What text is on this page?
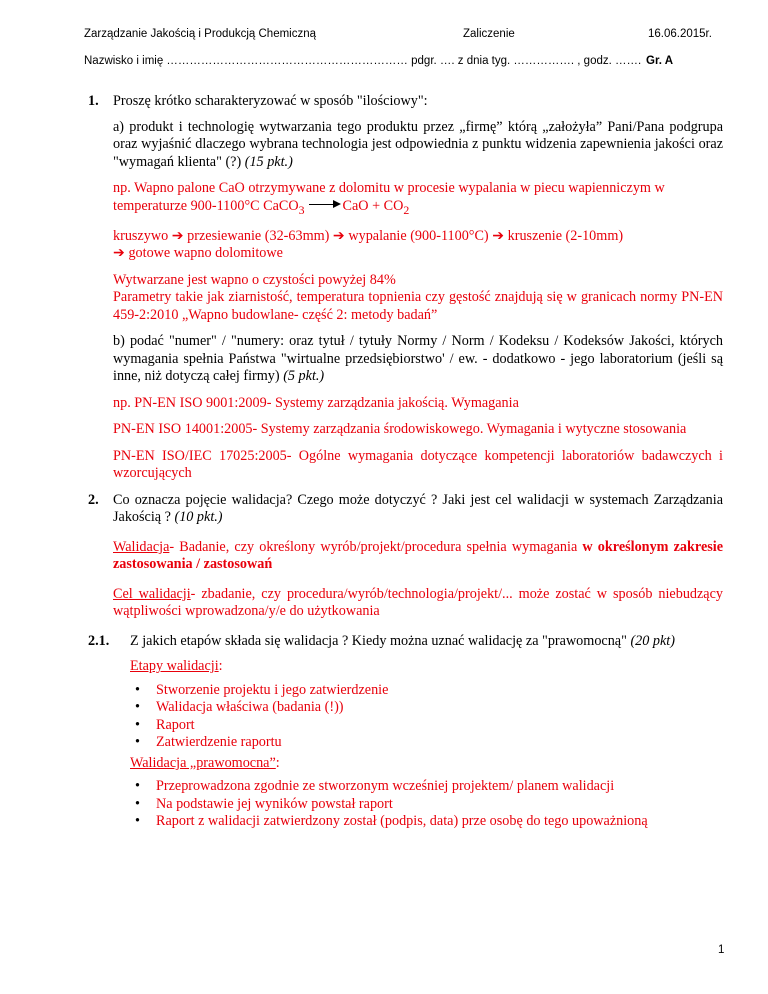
Zarządzanie Jakością i Produkcją Chemiczną	Zaliczenie	16.06.2015r.
Nazwisko i imię ……………………………………………………… pdgr. …. z dnia tyg. ……………. , godz. ……. Gr. A
1. Proszę krótko scharakteryzować w sposób "ilościowy":
a) produkt i technologię wytwarzania tego produktu przez „firmę” którą „założyła” Pani/Pana podgrupa oraz wyjaśnić dlaczego wybrana technologia jest odpowiednia z punktu widzenia zapewnienia jakości oraz "wymagań klienta" (?) (15 pkt.)
np. Wapno palone CaO otrzymywane z dolomitu w procesie wypalania w piecu wapienniczym w
temperaturze 900-1100°C CaCO$_3$	CaO + $CO_2$
kruszywo ➔ przesiewanie (32-63mm) ➔ wypalanie (900-1100°C) ➔ kruszenie (2-10mm)
➔ gotowe wapno dolomitowe
Wytwarzane jest wapno o czystości powyżej 84%
Parametry takie jak ziarnistość, temperatura topnienia czy gęstość znajdują się w granicach normy PN-EN 459-2:2010 „Wapno budowlane- część 2: metody badań”
b) podać "numer" / "numery: oraz tytuł / tytuły Normy / Norm / Kodeksu / Kodeksów Jakości, których wymagania spełnia Państwa "wirtualne przedsiębiorstwo' / ew. - dodatkowo - jego laboratorium (jeśli są inne, niż dotyczą całej firmy) (5 pkt.)
np. PN-EN ISO 9001:2009- Systemy zarządzania jakością. Wymagania
PN-EN ISO 14001:2005- Systemy zarządzania środowiskowego. Wymagania i wytyczne stosowania
PN-EN ISO/IEC 17025:2005- Ogólne wymagania dotyczące kompetencji laboratoriów badawczych i wzorcujących
2. Co oznacza pojęcie walidacja? Czego może dotyczyć ? Jaki jest cel walidacji w systemach Zarządzania Jakością ? (10 pkt.)
Walidacja- Badanie, czy określony wyrób/projekt/procedura spełnia wymagania w określonym zakresie zastosowania / zastosowań
Cel walidacji- zbadanie, czy procedura/wyrób/technologia/projekt/... może zostać w sposób niebudzący wątpliwości wprowadzona/y/e do użytkowania
2.1. Z jakich etapów składa się walidacja ? Kiedy można uznać walidację za "prawomocną" (20 pkt)
Etapy walidacji:
• Stworzenie projektu i jego zatwierdzenie
• Walidacja właściwa (badania (!))
• Raport
• Zatwierdzenie raportu
Walidacja „prawomocna”:
• Przeprowadzona zgodnie ze stworzonym wcześniej projektem/ planem walidacji
• Na podstawie jej wyników powstał raport
• Raport z walidacji zatwierdzony został (podpis, data) prze osobę do tego upoważnioną
1
